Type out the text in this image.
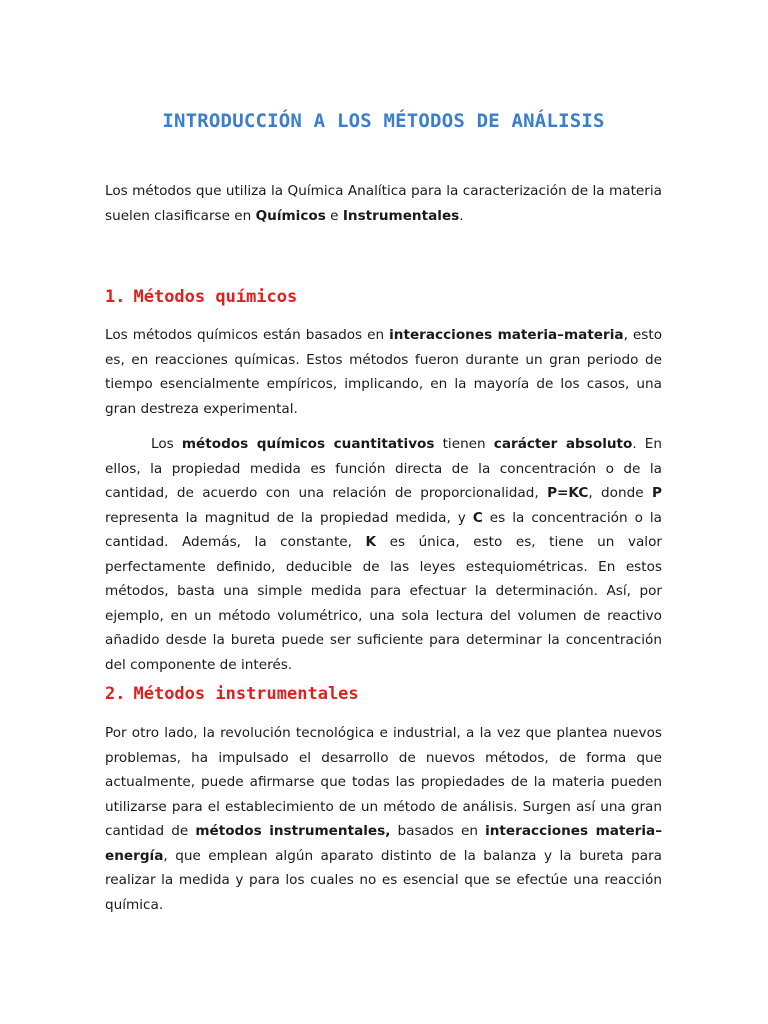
INTRODUCCIÓN A LOS MÉTODOS DE ANÁLISIS

Los métodos que utiliza la Química Analítica para la caracterización de la materia suelen clasificarse en Químicos e Instrumentales.

1. Métodos químicos

Los métodos químicos están basados en interacciones materia–materia, esto es, en reacciones químicas. Estos métodos fueron durante un gran periodo de tiempo esencialmente empíricos, implicando, en la mayoría de los casos, una gran destreza experimental.

Los métodos químicos cuantitativos tienen carácter absoluto. En ellos, la propiedad medida es función directa de la concentración o de la cantidad, de acuerdo con una relación de proporcionalidad, P=KC, donde P representa la magnitud de la propiedad medida, y C es la concentración o la cantidad. Además, la constante, K es única, esto es, tiene un valor perfectamente definido, deducible de las leyes estequiométricas. En estos métodos, basta una simple medida para efectuar la determinación. Así, por ejemplo, en un método volumétrico, una sola lectura del volumen de reactivo añadido desde la bureta puede ser suficiente para determinar la concentración del componente de interés.

2. Métodos instrumentales

Por otro lado, la revolución tecnológica e industrial, a la vez que plantea nuevos problemas, ha impulsado el desarrollo de nuevos métodos, de forma que actualmente, puede afirmarse que todas las propiedades de la materia pueden utilizarse para el establecimiento de un método de análisis. Surgen así una gran cantidad de métodos instrumentales, basados en interacciones materia–energía, que emplean algún aparato distinto de la balanza y la bureta para realizar la medida y para los cuales no es esencial que se efectúe una reacción química.
